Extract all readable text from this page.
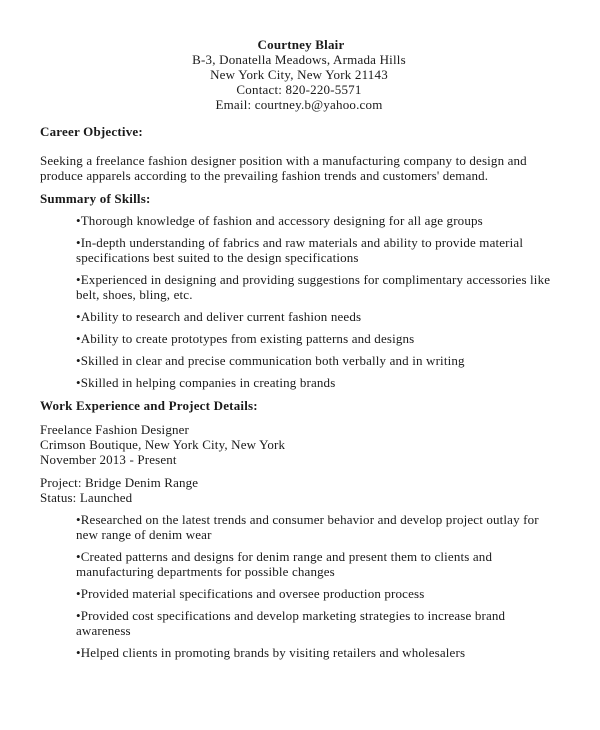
Courtney Blair
B-3, Donatella Meadows, Armada Hills
New York City, New York 21143
Contact: 820-220-5571
Email: courtney.b@yahoo.com
Career Objective:
Seeking a freelance fashion designer position with a manufacturing company to design and produce apparels according to the prevailing fashion trends and customers' demand.
Summary of Skills:
• Thorough knowledge of fashion and accessory designing for all age groups
• In-depth understanding of fabrics and raw materials and ability to provide material specifications best suited to the design specifications
• Experienced in designing and providing suggestions for complimentary accessories like belt, shoes, bling, etc.
• Ability to research and deliver current fashion needs
• Ability to create prototypes from existing patterns and designs
• Skilled in clear and precise communication both verbally and in writing
• Skilled in helping companies in creating brands
Work Experience and Project Details:
Freelance Fashion Designer
Crimson Boutique, New York City, New York
November 2013 - Present
Project: Bridge Denim Range
Status: Launched
• Researched on the latest trends and consumer behavior and develop project outlay for new range of denim wear
• Created patterns and designs for denim range and present them to clients and manufacturing departments for possible changes
• Provided material specifications and oversee production process
• Provided cost specifications and develop marketing strategies to increase brand awareness
• Helped clients in promoting brands by visiting retailers and wholesalers
